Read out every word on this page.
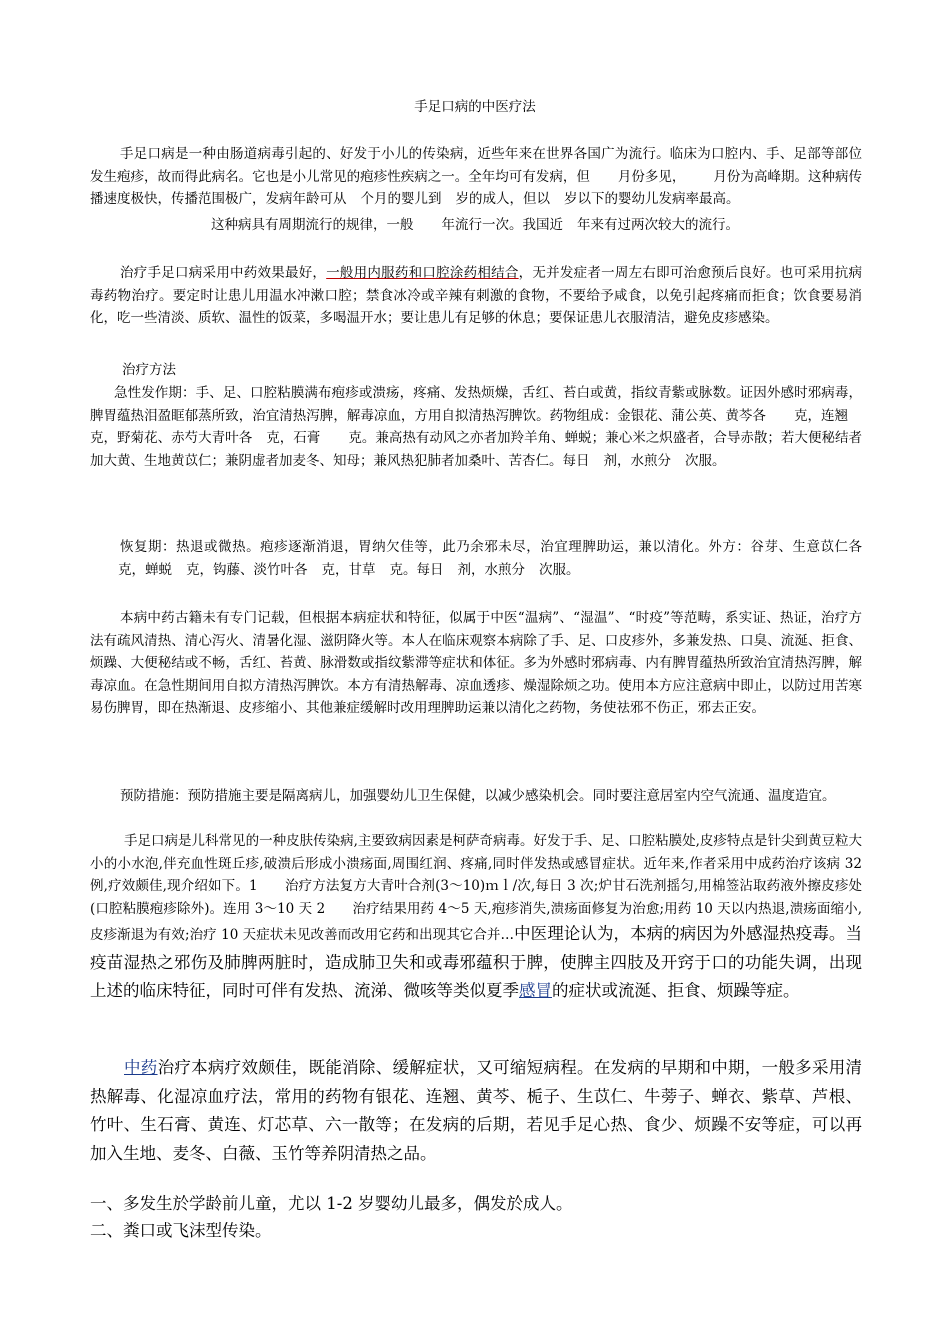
手足口病的中医疗法

手足口病是一种由肠道病毒引起的、好发于小儿的传染病，近些年来在世界各国广为流行。临床为口腔内、手、足部等部位发生疱疹，故而得此病名。它也是小儿常见的疱疹性疾病之一。全年均可有发病，但 月份多见， 月份为高峰期。这种病传播速度极快，传播范围极广，发病年龄可从 个月的婴儿到 岁的成人，但以 岁以下的婴幼儿发病率最高。

这种病具有周期流行的规律，一般 年流行一次。我国近 年来有过两次较大的流行。

治疗手足口病采用中药效果最好，一般用内服药和口腔涂药相结合，无并发症者一周左右即可治愈预后良好。也可采用抗病毒药物治疗。要定时让患儿用温水冲漱口腔；禁食冰冷或辛辣有刺激的食物，不要给予咸食，以免引起疼痛而拒食；饮食要易消化，吃一些清淡、质软、温性的饭菜，多喝温开水；要让患儿有足够的休息；要保证患儿衣服清洁，避免皮疹感染。

治疗方法

急性发作期：手、足、口腔粘膜满布疱疹或溃疡，疼痛、发热烦燥，舌红、苔白或黄，指纹青紫或脉数。证因外感时邪病毒，脾胃蕴热泪盈眶郁蒸所致，治宜清热泻脾，解毒凉血，方用自拟清热泻脾饮。药物组成：金银花、蒲公英、黄芩各 克，连翘克，野菊花、赤芍大青叶各 克，石膏 克。兼高热有动风之亦者加羚羊角、蝉蜕；兼心米之炽盛者，合导赤散；若大便秘结者加大黄、生地黄苡仁；兼阴虚者加麦冬、知母；兼风热犯肺者加桑叶、苦杏仁。每日 剂，水煎分 次服。

恢复期：热退或微热。疱疹逐渐消退，胃纳欠佳等，此乃余邪未尽，治宜理脾助运，兼以清化。外方：谷芽、生意苡仁各克，蝉蜕 克，钩藤、淡竹叶各 克，甘草 克。每日 剂，水煎分 次服。

本病中药古籍未有专门记载，但根据本病症状和特征，似属于中医“温病”、“湿温”、“时疫”等范畴，系实证、热证，治疗方法有疏风清热、清心泻火、清暑化湿、滋阴降火等。本人在临床观察本病除了手、足、口皮疹外，多兼发热、口臭、流涎、拒食、烦躁、大便秘结或不畅，舌红、苔黄、脉滑数或指纹紫滞等症状和体征。多为外感时邪病毒、内有脾胃蕴热所致治宜清热泻脾，解毒凉血。在急性期间用自拟方清热泻脾饮。本方有清热解毒、凉血透疹、燥湿除烦之功。使用本方应注意病中即止，以防过用苦寒易伤脾胃，即在热渐退、皮疹缩小、其他兼症缓解时改用理脾助运兼以清化之药物，务使祛邪不伤正，邪去正安。

预防措施：预防措施主要是隔离病儿，加强婴幼儿卫生保健，以减少感染机会。同时要注意居室内空气流通、温度造宜。

手足口病是儿科常见的一种皮肤传染病,主要致病因素是柯萨奇病毒。好发于手、足、口腔粘膜处,皮疹特点是针尖到黄豆粒大小的小水泡,伴充血性斑丘疹,破溃后形成小溃疡面,周围红润、疼痛,同时伴发热或感冒症状。近年来,作者采用中成药治疗该病 32 例,疗效颇佳,现介绍如下。1　　治疗方法复方大青叶合剂(3～10)ｍｌ/次,每日 3 次;炉甘石洗剂摇匀,用棉签沾取药液外擦皮疹处(口腔粘膜疱疹除外)。连用 3～10 天 2　　治疗结果用药 4～5 天,疱疹消失,溃疡面修复为治愈;用药 10 天以内热退,溃疡面缩小,皮疹渐退为有效;治疗 10 天症状未见改善而改用它药和出现其它合并…中医理论认为，本病的病因为外感湿热疫毒。当疫苗湿热之邪伤及肺脾两脏时，造成肺卫失和或毒邪蕴积于脾，使脾主四肢及开窍于口的功能失调，出现上述的临床特征，同时可伴有发热、流涕、微咳等类似夏季感冒的症状或流涎、拒食、烦躁等症。

中药治疗本病疗效颇佳，既能消除、缓解症状，又可缩短病程。在发病的早期和中期，一般多采用清热解毒、化湿凉血疗法，常用的药物有银花、连翘、黄芩、栀子、生苡仁、牛蒡子、蝉衣、紫草、芦根、竹叶、生石膏、黄连、灯芯草、六一散等；在发病的后期，若见手足心热、食少、烦躁不安等症，可以再加入生地、麦冬、白薇、玉竹等养阴清热之品。

一、多发生於学龄前儿童，尤以 1-2 岁婴幼儿最多，偶发於成人。
二、粪口或飞沫型传染。
